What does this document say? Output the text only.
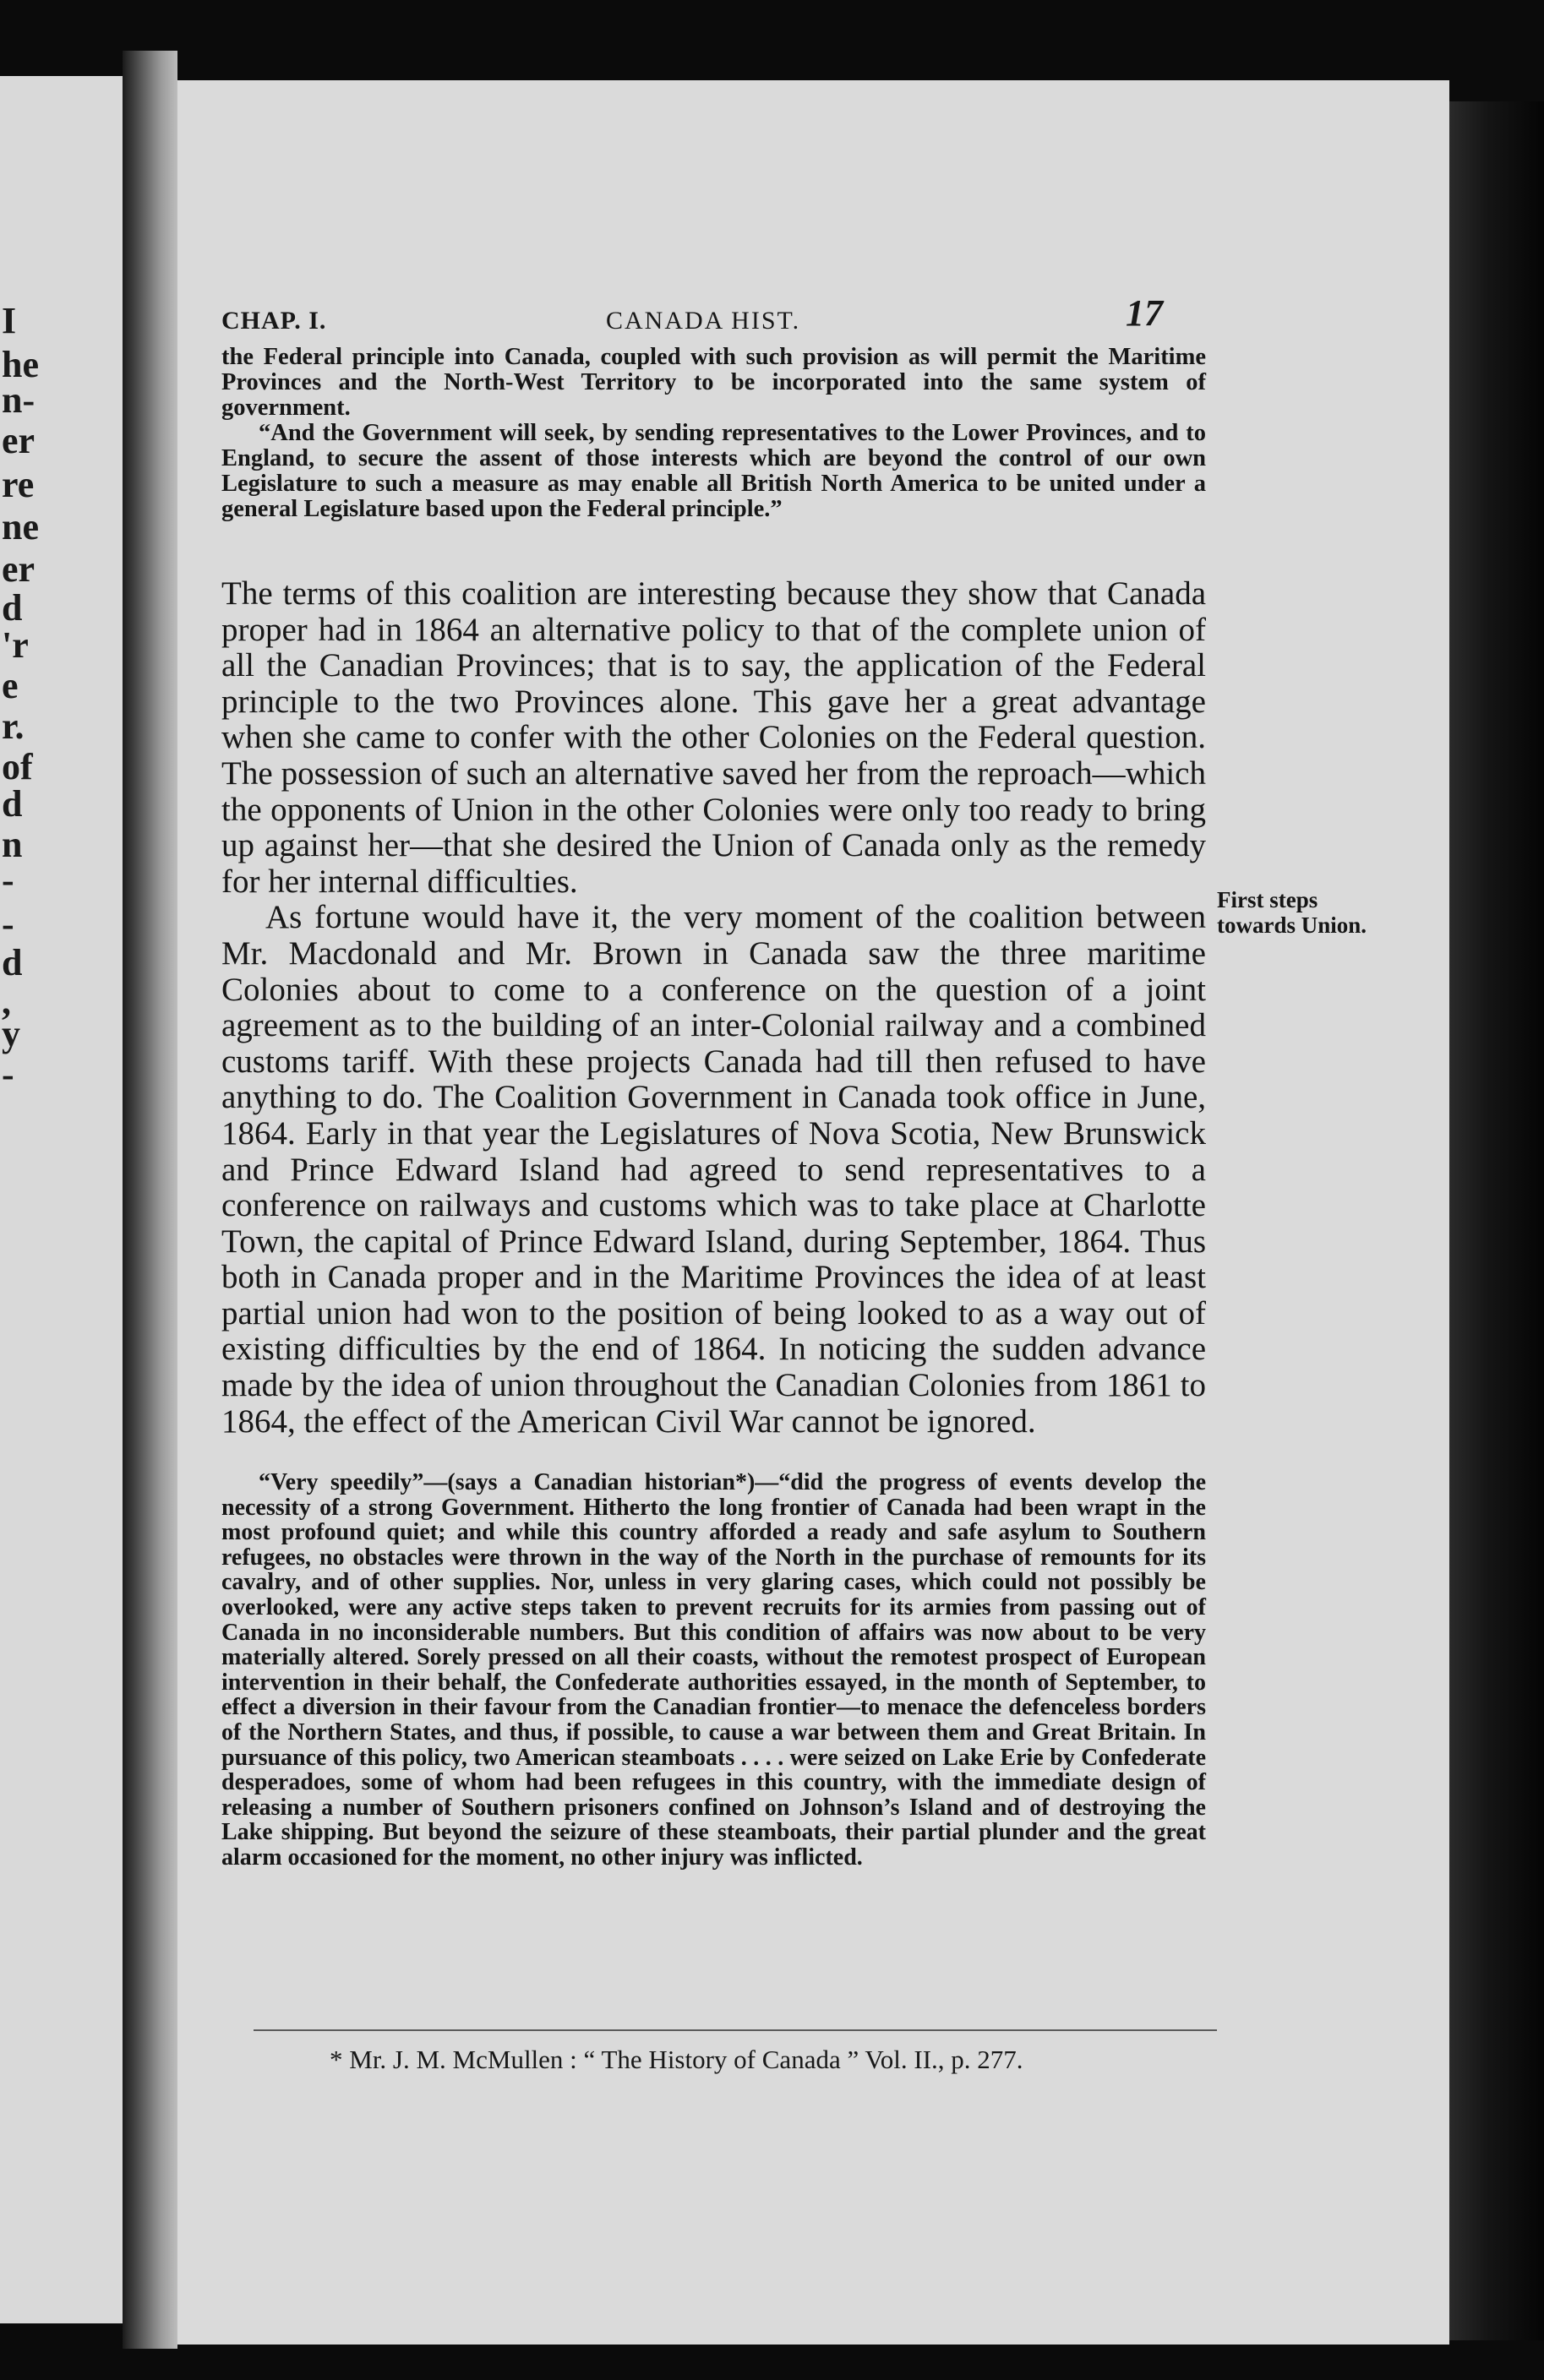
I
he
n-
er
re
ne
er
d
'r
e
r.
of
d
n
-
-
d
,
y
-
CHAP. I.	CANADA HIST.	17

the Federal principle into Canada, coupled with such provision as will permit the Maritime Provinces and the North-West Territory to be incorporated into the same system of government.

“And the Government will seek, by sending representatives to the Lower Provinces, and to England, to secure the assent of those interests which are beyond the control of our own Legislature to such a measure as may enable all British North America to be united under a general Legislature based upon the Federal principle.”

The terms of this coalition are interesting because they show that Canada proper had in 1864 an alternative policy to that of the complete union of all the Canadian Provinces; that is to say, the application of the Federal principle to the two Provinces alone. This gave her a great advantage when she came to confer with the other Colonies on the Federal question. The possession of such an alternative saved her from the reproach—which the opponents of Union in the other Colonies were only too ready to bring up against her—that she desired the Union of Canada only as the remedy for her internal difficulties.

As fortune would have it, the very moment of the coalition between Mr. Macdonald and Mr. Brown in Canada saw the three maritime Colonies about to come to a conference on the question of a joint agreement as to the building of an inter-Colonial railway and a combined customs tariff. With these projects Canada had till then refused to have anything to do. The Coalition Government in Canada took office in June, 1864. Early in that year the Legislatures of Nova Scotia, New Brunswick and Prince Edward Island had agreed to send representatives to a conference on railways and customs which was to take place at Charlotte Town, the capital of Prince Edward Island, during September, 1864. Thus both in Canada proper and in the Maritime Provinces the idea of at least partial union had won to the position of being looked to as a way out of existing difficulties by the end of 1864. In noticing the sudden advance made by the idea of union throughout the Canadian Colonies from 1861 to 1864, the effect of the American Civil War cannot be ignored.

First steps
towards Union.

“Very speedily”—(says a Canadian historian*)—“did the progress of events develop the necessity of a strong Government. Hitherto the long frontier of Canada had been wrapt in the most profound quiet; and while this country afforded a ready and safe asylum to Southern refugees, no obstacles were thrown in the way of the North in the purchase of remounts for its cavalry, and of other supplies. Nor, unless in very glaring cases, which could not possibly be overlooked, were any active steps taken to prevent recruits for its armies from passing out of Canada in no inconsiderable numbers. But this condition of affairs was now about to be very materially altered. Sorely pressed on all their coasts, without the remotest prospect of European intervention in their behalf, the Confederate authorities essayed, in the month of September, to effect a diversion in their favour from the Canadian frontier—to menace the defenceless borders of the Northern States, and thus, if possible, to cause a war between them and Great Britain. In pursuance of this policy, two American steamboats . . . . were seized on Lake Erie by Confederate desperadoes, some of whom had been refugees in this country, with the immediate design of releasing a number of Southern prisoners confined on Johnson’s Island and of destroying the Lake shipping. But beyond the seizure of these steamboats, their partial plunder and the great alarm occasioned for the moment, no other injury was inflicted.

* Mr. J. M. McMullen : “ The History of Canada ” Vol. II., p. 277.
